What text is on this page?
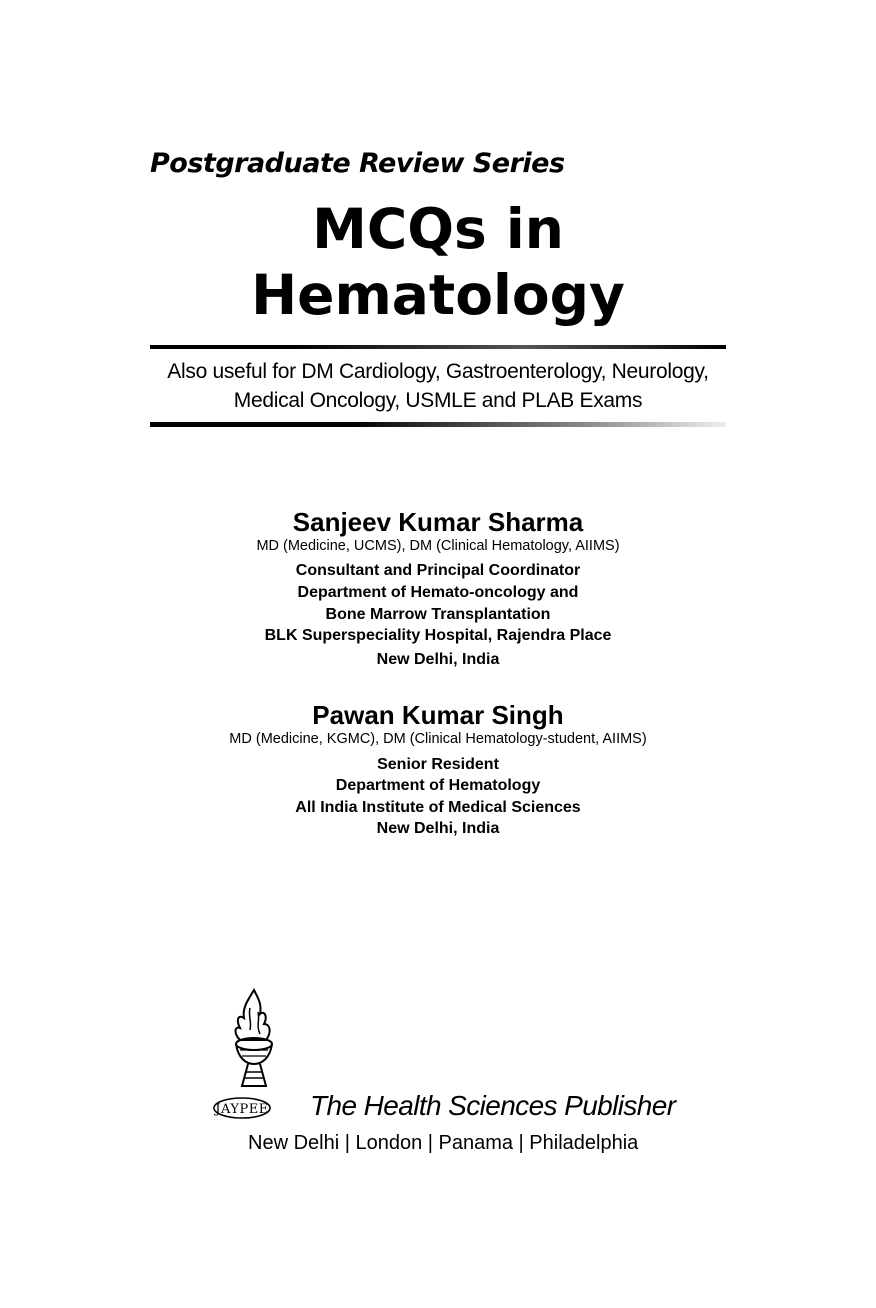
Postgraduate Review Series
MCQs in
Hematology
Also useful for DM Cardiology, Gastroenterology, Neurology,
Medical Oncology, USMLE and PLAB Exams
Sanjeev Kumar Sharma
MD (Medicine, UCMS), DM (Clinical Hematology, AIIMS)
Consultant and Principal Coordinator
Department of Hemato-oncology and
Bone Marrow Transplantation
BLK Superspeciality Hospital, Rajendra Place
New Delhi, India
Pawan Kumar Singh
MD (Medicine, KGMC), DM (Clinical Hematology-student, AIIMS)
Senior Resident
Department of Hematology
All India Institute of Medical Sciences
New Delhi, India
JAYPEE The Health Sciences Publisher
New Delhi | London | Panama | Philadelphia
